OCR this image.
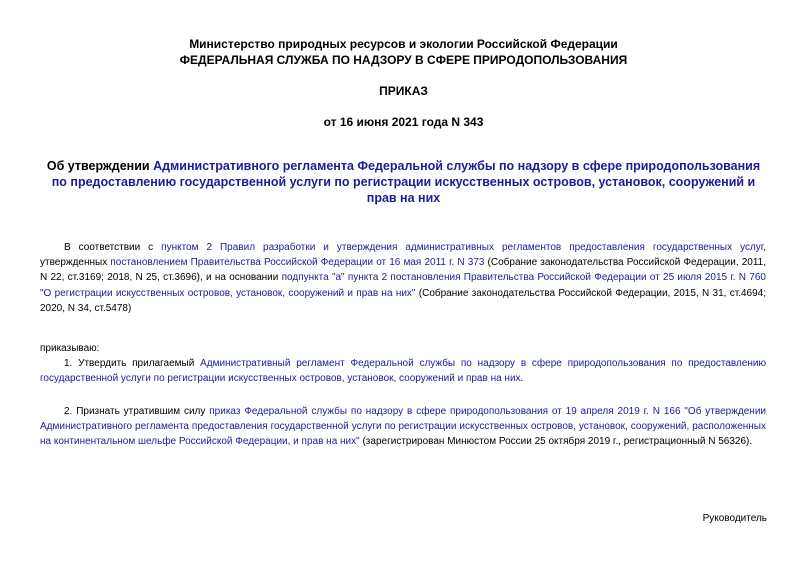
Министерство природных ресурсов и экологии Российской Федерации
ФЕДЕРАЛЬНАЯ СЛУЖБА ПО НАДЗОРУ В СФЕРЕ ПРИРОДОПОЛЬЗОВАНИЯ
ПРИКАЗ
от 16 июня 2021 года N 343
Об утверждении Административного регламента Федеральной службы по надзору в сфере природопользования по предоставлению государственной услуги по регистрации искусственных островов, установок, сооружений и прав на них
В соответствии с пунктом 2 Правил разработки и утверждения административных регламентов предоставления государственных услуг, утвержденных постановлением Правительства Российской Федерации от 16 мая 2011 г. N 373 (Собрание законодательства Российской Федерации, 2011, N 22, ст.3169; 2018, N 25, ст.3696), и на основании подпункта "а" пункта 2 постановления Правительства Российской Федерации от 25 июля 2015 г. N 760 "О регистрации искусственных островов, установок, сооружений и прав на них" (Собрание законодательства Российской Федерации, 2015, N 31, ст.4694; 2020, N 34, ст.5478)
приказываю:
1. Утвердить прилагаемый Административный регламент Федеральной службы по надзору в сфере природопользования по предоставлению государственной услуги по регистрации искусственных островов, установок, сооружений и прав на них.
2. Признать утратившим силу приказ Федеральной службы по надзору в сфере природопользования от 19 апреля 2019 г. N 166 "Об утверждении Административного регламента предоставления государственной услуги по регистрации искусственных островов, установок, сооружений, расположенных на континентальном шельфе Российской Федерации, и прав на них" (зарегистрирован Минюстом России 25 октября 2019 г., регистрационный N 56326).
Руководитель
